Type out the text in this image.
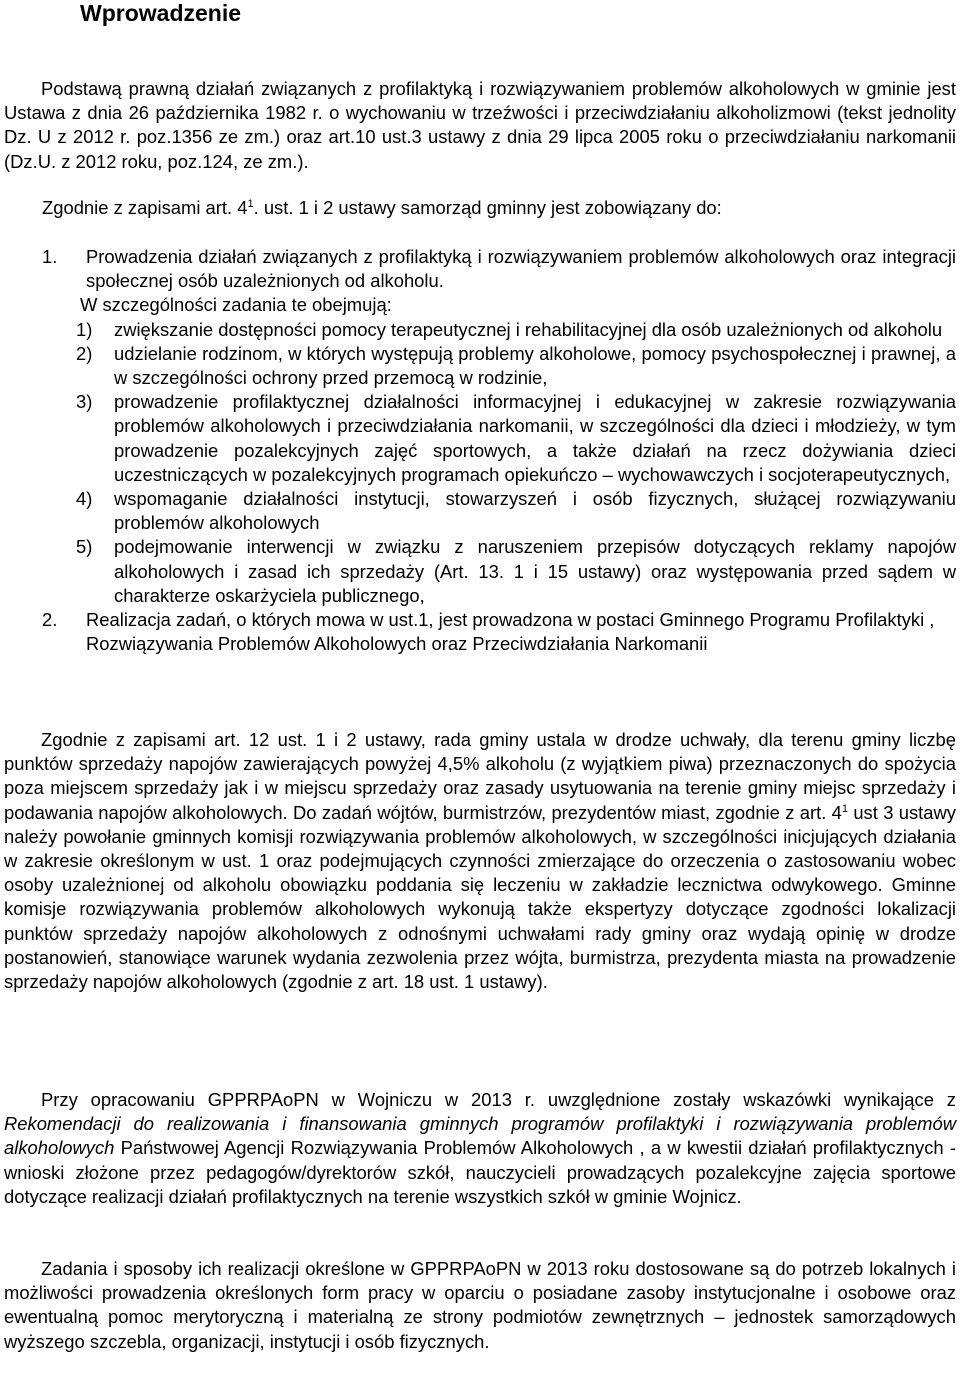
Wprowadzenie

Podstawą prawną działań związanych z profilaktyką i rozwiązywaniem problemów alkoholowych w gminie jest Ustawa z dnia 26 października 1982 r. o wychowaniu w trzeźwości i przeciwdziałaniu alkoholizmowi (tekst jednolity Dz. U z 2012 r. poz.1356 ze zm.) oraz art.10 ust.3 ustawy z dnia 29 lipca 2005 roku o przeciwdziałaniu narkomanii (Dz.U. z 2012 roku, poz.124, ze zm.).

Zgodnie z zapisami art. $4^1$. ust. 1 i 2 ustawy samorząd gminny jest zobowiązany do:

1. Prowadzenia działań związanych z profilaktyką i rozwiązywaniem problemów alkoholowych oraz integracji społecznej osób uzależnionych od alkoholu.

W szczególności zadania te obejmują:

1) zwiększanie dostępności pomocy terapeutycznej i rehabilitacyjnej dla osób uzależnionych od alkoholu
2) udzielanie rodzinom, w których występują problemy alkoholowe, pomocy psychospołecznej i prawnej, a w szczególności ochrony przed przemocą w rodzinie,
3) prowadzenie profilaktycznej działalności informacyjnej i edukacyjnej w zakresie rozwiązywania problemów alkoholowych i przeciwdziałania narkomanii, w szczególności dla dzieci i młodzieży, w tym prowadzenie pozalekcyjnych zajęć sportowych, a także działań na rzecz dożywiania dzieci uczestniczących w pozalekcyjnych programach opiekuńczo – wychowawczych i socjoterapeutycznych,
4) wspomaganie działalności instytucji, stowarzyszeń i osób fizycznych, służącej rozwiązywaniu problemów alkoholowych
5) podejmowanie interwencji w związku z naruszeniem przepisów dotyczących reklamy napojów alkoholowych i zasad ich sprzedaży (Art. 13. 1 i 15 ustawy) oraz występowania przed sądem w charakterze oskarżyciela publicznego,
2. Realizacja zadań, o których mowa w ust.1, jest prowadzona w postaci Gminnego Programu Profilaktyki , Rozwiązywania Problemów Alkoholowych oraz Przeciwdziałania Narkomanii

Zgodnie z zapisami art. 12 ust. 1 i 2 ustawy, rada gminy ustala w drodze uchwały, dla terenu gminy liczbę punktów sprzedaży napojów zawierających powyżej 4,5% alkoholu (z wyjątkiem piwa) przeznaczonych do spożycia poza miejscem sprzedaży jak i w miejscu sprzedaży oraz zasady usytuowania na terenie gminy miejsc sprzedaży i podawania napojów alkoholowych. Do zadań wójtów, burmistrzów, prezydentów miast, zgodnie z art. $4^1$ ust 3 ustawy należy powołanie gminnych komisji rozwiązywania problemów alkoholowych, w szczególności inicjujących działania w zakresie określonym w ust. 1 oraz podejmujących czynności zmierzające do orzeczenia o zastosowaniu wobec osoby uzależnionej od alkoholu obowiązku poddania się leczeniu w zakładzie lecznictwa odwykowego. Gminne komisje rozwiązywania problemów alkoholowych wykonują także ekspertyzy dotyczące zgodności lokalizacji punktów sprzedaży napojów alkoholowych z odnośnymi uchwałami rady gminy oraz wydają opinię w drodze postanowień, stanowiące warunek wydania zezwolenia przez wójta, burmistrza, prezydenta miasta na prowadzenie sprzedaży napojów alkoholowych (zgodnie z art. 18 ust. 1 ustawy).

Przy opracowaniu GPPRPAoPN w Wojniczu w 2013 r. uwzględnione zostały wskazówki wynikające z Rekomendacji do realizowania i finansowania gminnych programów profilaktyki i rozwiązywania problemów alkoholowych Państwowej Agencji Rozwiązywania Problemów Alkoholowych , a w kwestii działań profilaktycznych - wnioski złożone przez pedagogów/dyrektorów szkół, nauczycieli prowadzących pozalekcyjne zajęcia sportowe dotyczące realizacji działań profilaktycznych na terenie wszystkich szkół w gminie Wojnicz.

Zadania i sposoby ich realizacji określone w GPPRPAoPN w 2013 roku dostosowane są do potrzeb lokalnych i możliwości prowadzenia określonych form pracy w oparciu o posiadane zasoby instytucjonalne i osobowe oraz ewentualną pomoc merytoryczną i materialną ze strony podmiotów zewnętrznych – jednostek samorządowych wyższego szczebla, organizacji, instytucji i osób fizycznych.
